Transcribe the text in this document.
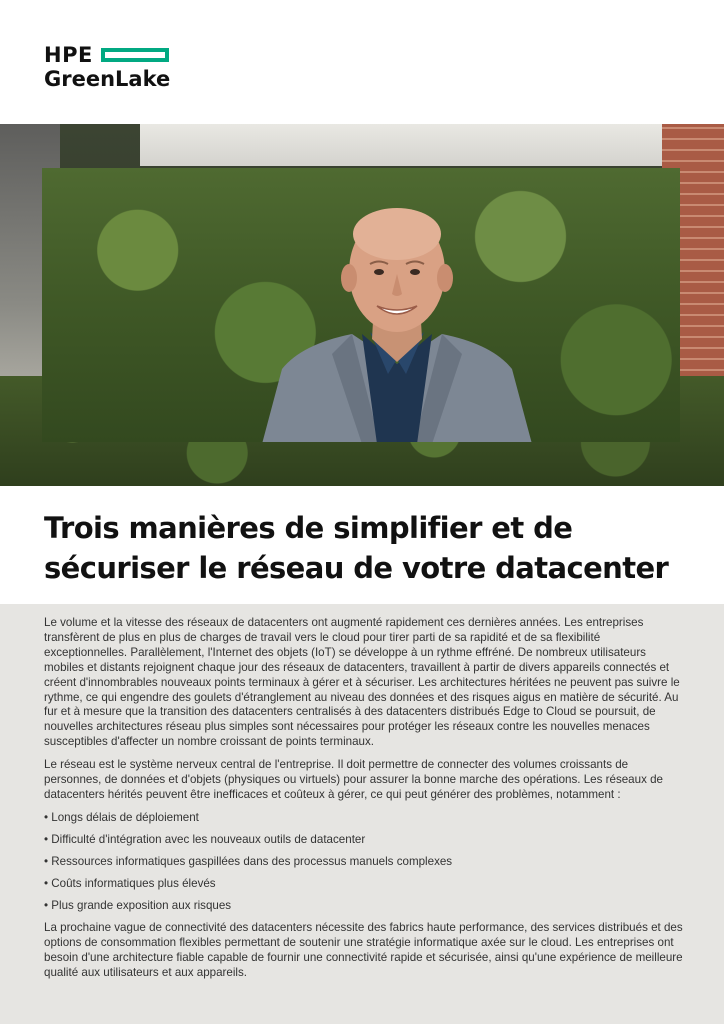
HPE
GreenLake
Trois manières de simplifier et de sécuriser le réseau de votre datacenter

Le volume et la vitesse des réseaux de datacenters ont augmenté rapidement ces dernières années. Les entreprises transfèrent de plus en plus de charges de travail vers le cloud pour tirer parti de sa rapidité et de sa flexibilité exceptionnelles. Parallèlement, l'Internet des objets (IoT) se développe à un rythme effréné. De nombreux utilisateurs mobiles et distants rejoignent chaque jour des réseaux de datacenters, travaillent à partir de divers appareils connectés et créent d'innombrables nouveaux points terminaux à gérer et à sécuriser. Les architectures héritées ne peuvent pas suivre le rythme, ce qui engendre des goulets d'étranglement au niveau des données et des risques aigus en matière de sécurité. Au fur et à mesure que la transition des datacenters centralisés à des datacenters distribués Edge to Cloud se poursuit, de nouvelles architectures réseau plus simples sont nécessaires pour protéger les réseaux contre les nouvelles menaces susceptibles d'affecter un nombre croissant de points terminaux.

Le réseau est le système nerveux central de l'entreprise. Il doit permettre de connecter des volumes croissants de personnes, de données et d'objets (physiques ou virtuels) pour assurer la bonne marche des opérations. Les réseaux de datacenters hérités peuvent être inefficaces et coûteux à gérer, ce qui peut générer des problèmes, notamment :

• Longs délais de déploiement
• Difficulté d'intégration avec les nouveaux outils de datacenter
• Ressources informatiques gaspillées dans des processus manuels complexes
• Coûts informatiques plus élevés
• Plus grande exposition aux risques

La prochaine vague de connectivité des datacenters nécessite des fabrics haute performance, des services distribués et des options de consommation flexibles permettant de soutenir une stratégie informatique axée sur le cloud. Les entreprises ont besoin d'une architecture fiable capable de fournir une connectivité rapide et sécurisée, ainsi qu'une expérience de meilleure qualité aux utilisateurs et aux appareils.
